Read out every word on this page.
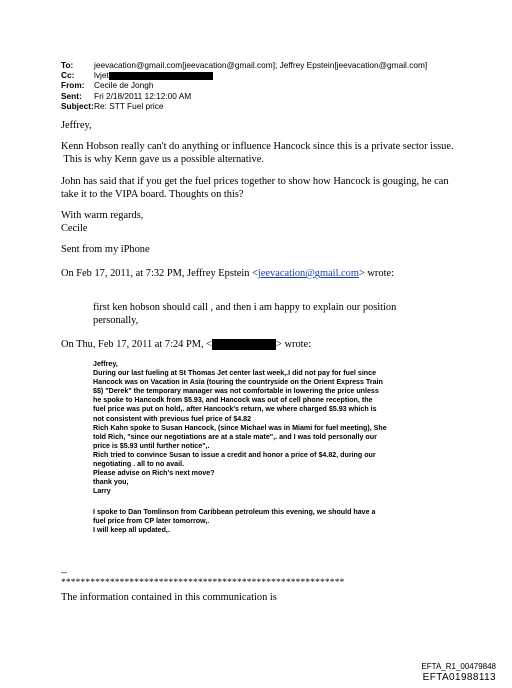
To:	jeevacation@gmail.com[jeevacation@gmail.com]; Jeffrey Epstein[jeevacation@gmail.com]
Cc:	lvjet
From:	Cecile de Jongh
Sent:	Fri 2/18/2011 12:12:00 AM
Subject: Re: STT Fuel price
Jeffrey,
Kenn Hobson really can't do anything or influence Hancock since this is a private sector issue.
This is why Kenn gave us a possible alternative.
John has said that if you get the fuel prices together to show how Hancock is gouging, he can
take it to the VIPA board. Thoughts on this?
With warm regards,
Cecile
Sent from my iPhone
On Feb 17, 2011, at 7:32 PM, Jeffrey Epstein <jeevacation@gmail.com> wrote:
first ken hobson should call , and then i am happy to explain our position
personally,
On Thu, Feb 17, 2011 at 7:24 PM, <	> wrote:
Jeffrey,
During our last fueling at St Thomas Jet center last week,.I did not pay for fuel since
Hancock was on Vacation in Asia (touring the countryside on the Orient Express Train
$$) "Derek" the temporary manager was not comfortable in lowering the price unless
he spoke to Hancodk from $5.93, and Hancock was out of cell phone reception, the
fuel price was put on hold,. after Hancock's return, we where charged $5.93 which is
not consistent with previous fuel price of $4.82
Rich Kahn spoke to Susan Hancock, (since Michael was in Miami for fuel meeting), She
told Rich, "since our negotiations are at a stale mate",. and I was told personally our
price is $5.93 until further notice",.
Rich tried to convince Susan to issue a credit and honor a price of $4.82, during our
negotiating . all to no avail.
Please advise on Rich's next move?
thank you,
Larry
I spoke to Dan Tomlinson from Caribbean petroleum this evening, we should have a
fuel price from CP later tomorrow,.
I will keep all updated,.
--
**********************************************************
The information contained in this communication is
EFTA_R1_00479848
EFTA01988113
